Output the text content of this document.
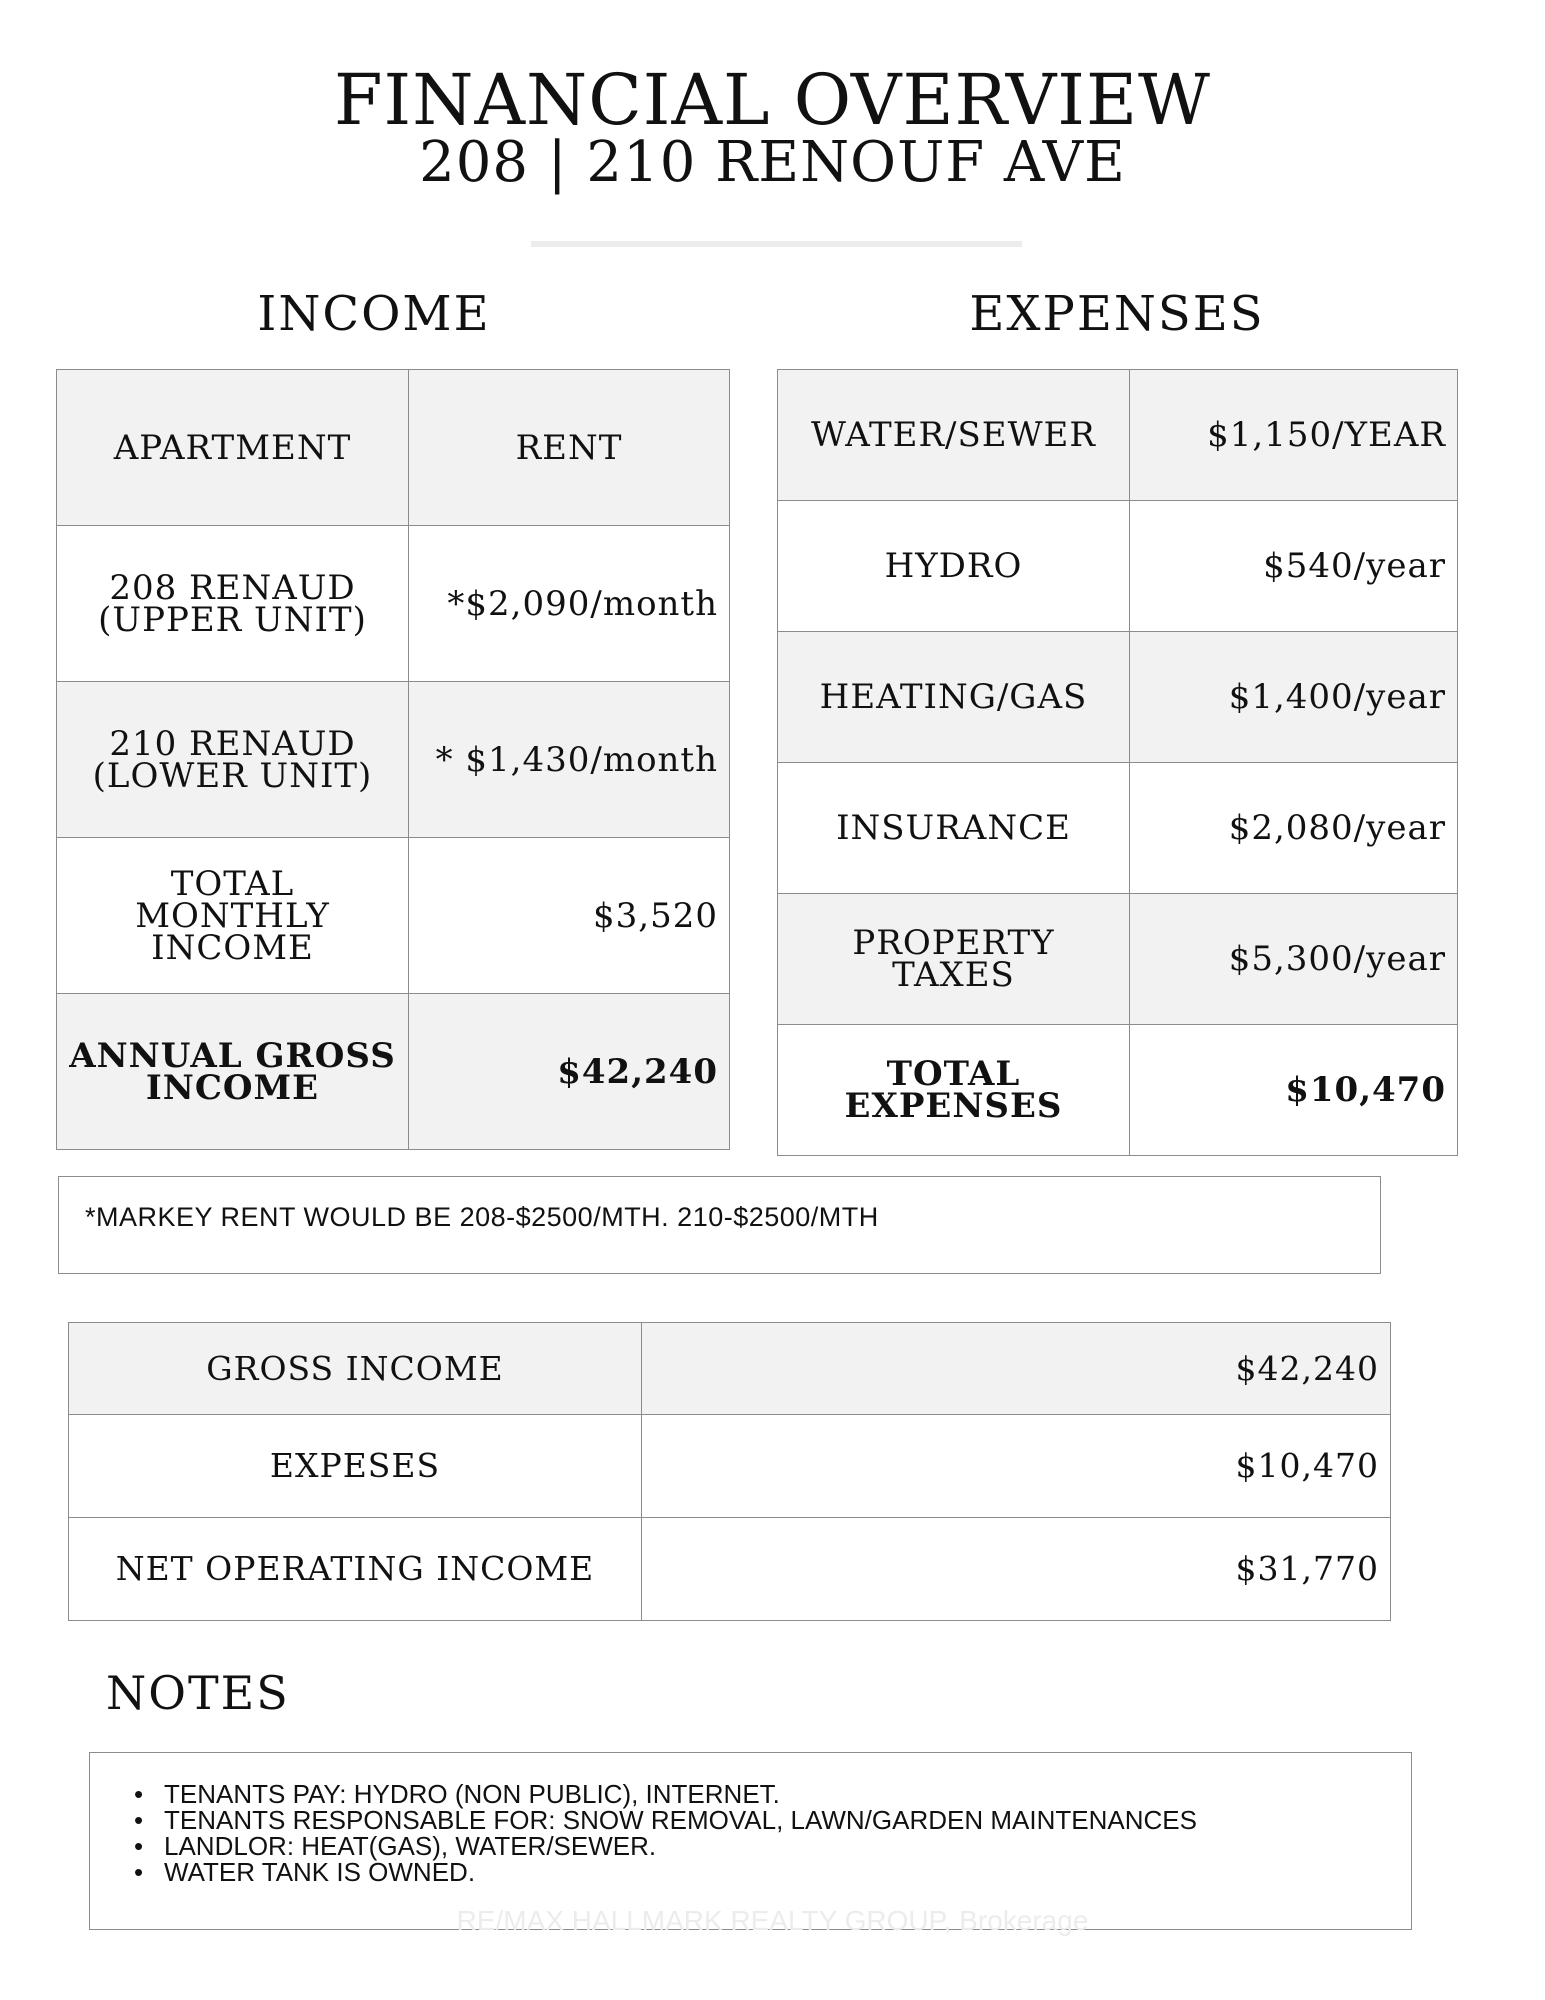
FINANCIAL OVERVIEW
208 | 210 RENOUF AVE
INCOME	EXPENSES
APARTMENT	RENT
208 RENAUD (UPPER UNIT)	*$2,090/month
210 RENAUD (LOWER UNIT)	* $1,430/month
TOTAL MONTHLY INCOME	$3,520
ANNUAL GROSS INCOME	$42,240
WATER/SEWER	$1,150/YEAR
HYDRO	$540/year
HEATING/GAS	$1,400/year
INSURANCE	$2,080/year
PROPERTY TAXES	$5,300/year
TOTAL EXPENSES	$10,470
*MARKEY RENT WOULD BE 208-$2500/MTH. 210-$2500/MTH
GROSS INCOME	$42,240
EXPESES	$10,470
NET OPERATING INCOME	$31,770
NOTES
• TENANTS PAY: HYDRO (NON PUBLIC), INTERNET.
• TENANTS RESPONSABLE FOR: SNOW REMOVAL, LAWN/GARDEN MAINTENANCES
• LANDLOR: HEAT(GAS), WATER/SEWER.
• WATER TANK IS OWNED.
RE/MAX HALLMARK REALTY GROUP, Brokerage
